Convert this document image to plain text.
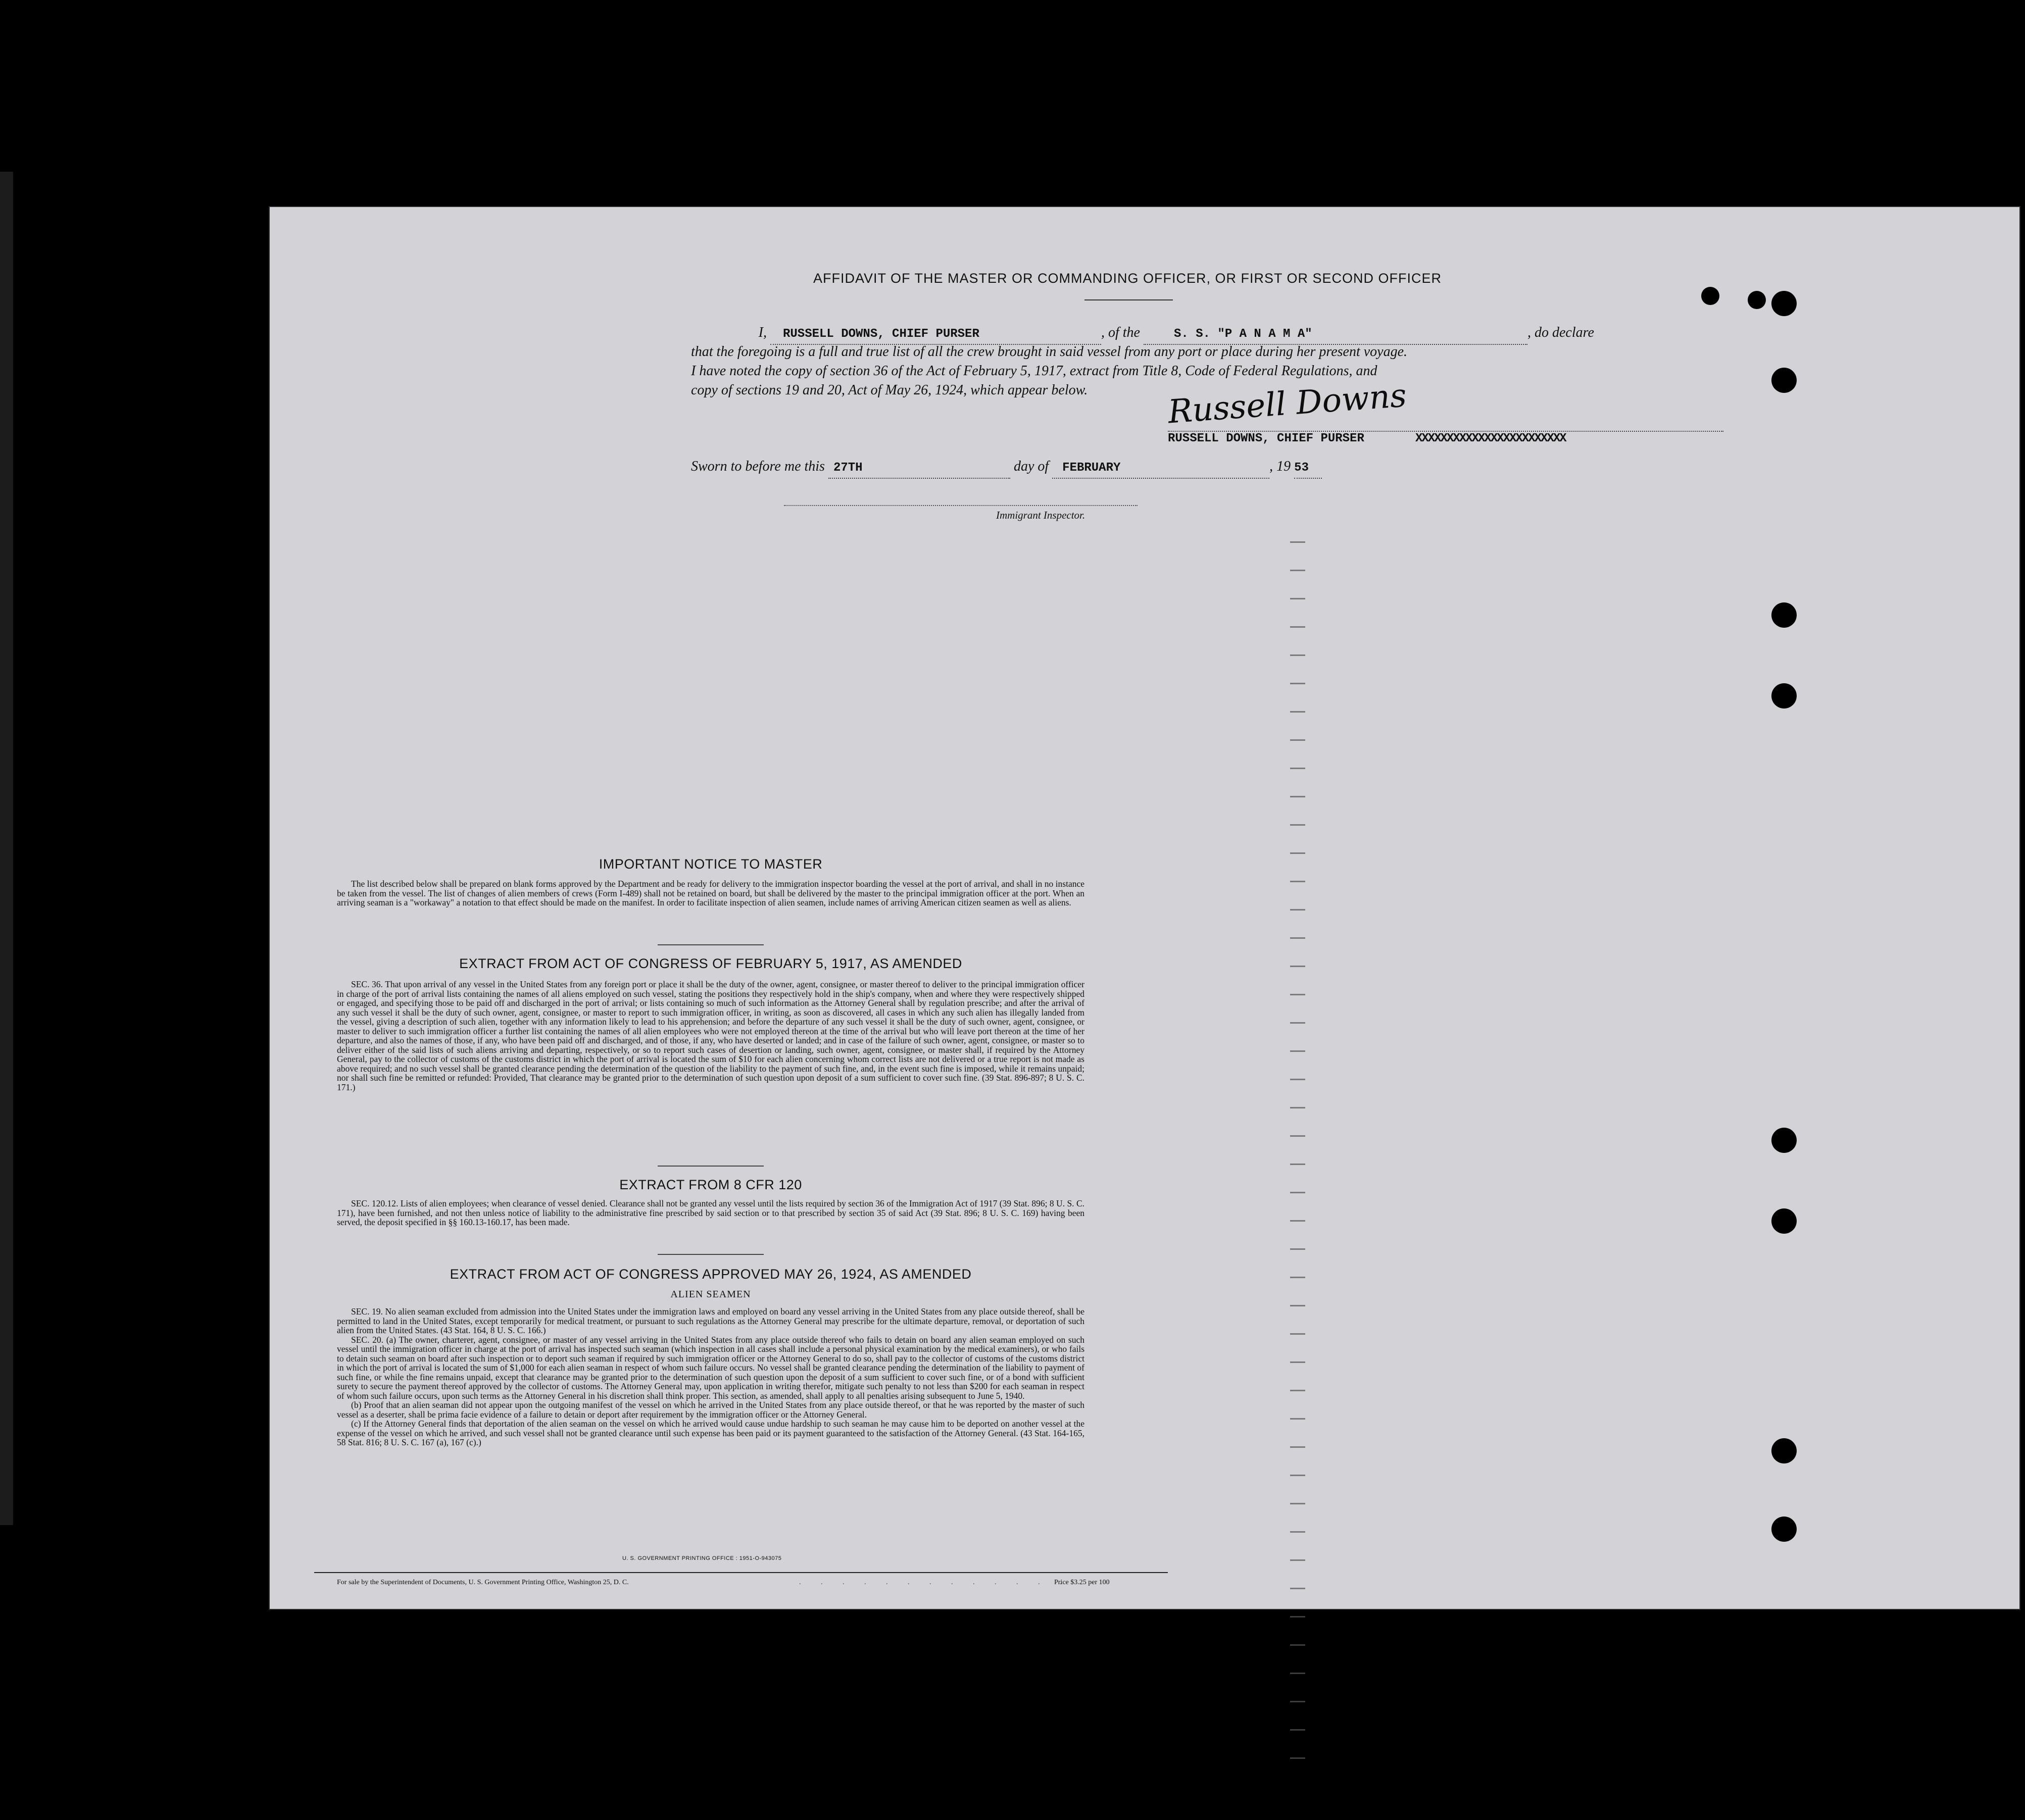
AFFIDAVIT OF THE MASTER OR COMMANDING OFFICER, OR FIRST OR SECOND OFFICER
I, RUSSELL DOWNS, CHIEF PURSER	, of the	S. S. "P A N A M A"	, do declare
that the foregoing is a full and true list of all the crew brought in said vessel from any port or place during her present voyage.
I have noted the copy of section 36 of the Act of February 5, 1917, extract from Title 8, Code of Federal Regulations, and
copy of sections 19 and 20, Act of May 26, 1924, which appear below.	Russell Downs
RUSSELL DOWNS, CHIEF PURSER	XXXXXXXXXXXXXXXXXXXXXXXX
Sworn to before me this 27TH	day of FEBRUARY	, 19 53
Immigrant Inspector.
IMPORTANT NOTICE TO MASTER

The list described below shall be prepared on blank forms approved by the Department and be ready for delivery to the immigration inspector boarding the vessel at the port of arrival, and shall in no instance be taken from the vessel. The list of changes of alien members of crews (Form I-489) shall not be retained on board, but shall be delivered by the master to the principal immigration officer at the port. When an arriving seaman is a "workaway" a notation to that effect should be made on the manifest. In order to facilitate inspection of alien seamen, include names of arriving American citizen seamen as well as aliens.

EXTRACT FROM ACT OF CONGRESS OF FEBRUARY 5, 1917, AS AMENDED

SEC. 36. That upon arrival of any vessel in the United States from any foreign port or place it shall be the duty of the owner, agent, consignee, or master thereof to deliver to the principal immigration officer in charge of the port of arrival lists containing the names of all aliens employed on such vessel, stating the positions they respectively hold in the ship's company, when and where they were respectively shipped or engaged, and specifying those to be paid off and discharged in the port of arrival; or lists containing so much of such information as the Attorney General shall by regulation prescribe; and after the arrival of any such vessel it shall be the duty of such owner, agent, consignee, or master to report to such immigration officer, in writing, as soon as discovered, all cases in which any such alien has illegally landed from the vessel, giving a description of such alien, together with any information likely to lead to his apprehension; and before the departure of any such vessel it shall be the duty of such owner, agent, consignee, or master to deliver to such immigration officer a further list containing the names of all alien employees who were not employed thereon at the time of the arrival but who will leave port thereon at the time of her departure, and also the names of those, if any, who have been paid off and discharged, and of those, if any, who have deserted or landed; and in case of the failure of such owner, agent, consignee, or master so to deliver either of the said lists of such aliens arriving and departing, respectively, or so to report such cases of desertion or landing, such owner, agent, consignee, or master shall, if required by the Attorney General, pay to the collector of customs of the customs district in which the port of arrival is located the sum of $10 for each alien concerning whom correct lists are not delivered or a true report is not made as above required; and no such vessel shall be granted clearance pending the determination of the question of the liability to the payment of such fine, and, in the event such fine is imposed, while it remains unpaid; nor shall such fine be remitted or refunded: Provided, That clearance may be granted prior to the determination of such question upon deposit of a sum sufficient to cover such fine. (39 Stat. 896-897; 8 U. S. C. 171.)

EXTRACT FROM 8 CFR 120

SEC. 120.12. Lists of alien employees; when clearance of vessel denied. Clearance shall not be granted any vessel until the lists required by section 36 of the Immigration Act of 1917 (39 Stat. 896; 8 U. S. C. 171), have been furnished, and not then unless notice of liability to the administrative fine prescribed by said section or to that prescribed by section 35 of said Act (39 Stat. 896; 8 U. S. C. 169) having been served, the deposit specified in §§ 160.13-160.17, has been made.

EXTRACT FROM ACT OF CONGRESS APPROVED MAY 26, 1924, AS AMENDED
ALIEN SEAMEN

SEC. 19. No alien seaman excluded from admission into the United States under the immigration laws and employed on board any vessel arriving in the United States from any place outside thereof, shall be permitted to land in the United States, except temporarily for medical treatment, or pursuant to such regulations as the Attorney General may prescribe for the ultimate departure, removal, or deportation of such alien from the United States. (43 Stat. 164, 8 U. S. C. 166.)

SEC. 20. (a) The owner, charterer, agent, consignee, or master of any vessel arriving in the United States from any place outside thereof who fails to detain on board any alien seaman employed on such vessel until the immigration officer in charge at the port of arrival has inspected such seaman (which inspection in all cases shall include a personal physical examination by the medical examiners), or who fails to detain such seaman on board after such inspection or to deport such seaman if required by such immigration officer or the Attorney General to do so, shall pay to the collector of customs of the customs district in which the port of arrival is located the sum of $1,000 for each alien seaman in respect of whom such failure occurs. No vessel shall be granted clearance pending the determination of the liability to payment of such fine, or while the fine remains unpaid, except that clearance may be granted prior to the determination of such question upon the deposit of a sum sufficient to cover such fine, or of a bond with sufficient surety to secure the payment thereof approved by the collector of customs. The Attorney General may, upon application in writing therefor, mitigate such penalty to not less than $200 for each seaman in respect of whom such failure occurs, upon such terms as the Attorney General in his discretion shall think proper. This section, as amended, shall apply to all penalties arising subsequent to June 5, 1940.

(b) Proof that an alien seaman did not appear upon the outgoing manifest of the vessel on which he arrived in the United States from any place outside thereof, or that he was reported by the master of such vessel as a deserter, shall be prima facie evidence of a failure to detain or deport after requirement by the immigration officer or the Attorney General.

(c) If the Attorney General finds that deportation of the alien seaman on the vessel on which he arrived would cause undue hardship to such seaman he may cause him to be deported on another vessel at the expense of the vessel on which he arrived, and such vessel shall not be granted clearance until such expense has been paid or its payment guaranteed to the satisfaction of the Attorney General. (43 Stat. 164-165, 58 Stat. 816; 8 U. S. C. 167 (a), 167 (c).)

U. S. GOVERNMENT PRINTING OFFICE : 1951-O-943075
For sale by the Superintendent of Documents, U. S. Government Printing Office, Washington 25, D. C.	. . . . . . . . . . . . .
Price $3.25 per 100
